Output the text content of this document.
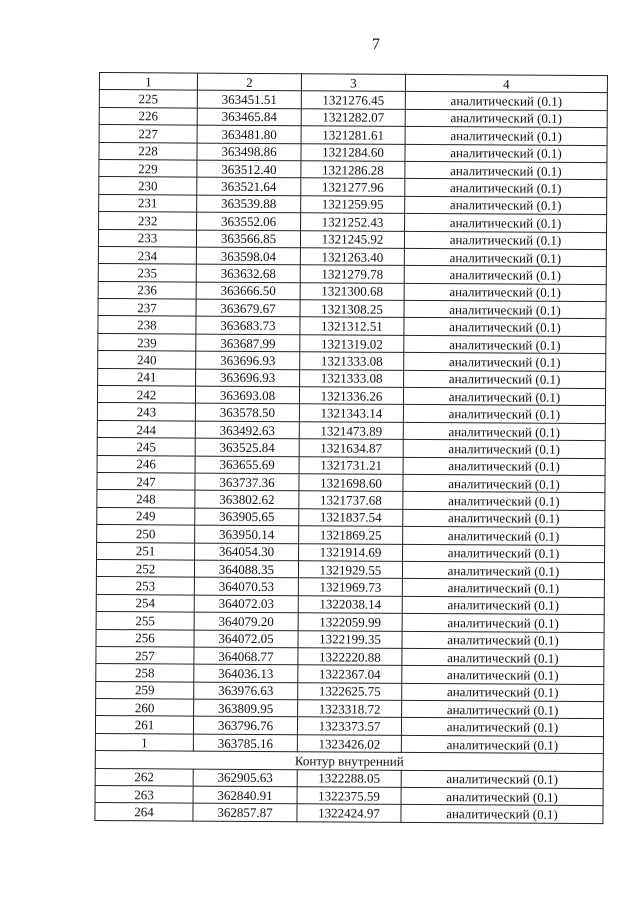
7
1	2	3	4
225	363451.51	1321276.45	аналитический (0.1)
226	363465.84	1321282.07	аналитический (0.1)
227	363481.80	1321281.61	аналитический (0.1)
228	363498.86	1321284.60	аналитический (0.1)
229	363512.40	1321286.28	аналитический (0.1)
230	363521.64	1321277.96	аналитический (0.1)
231	363539.88	1321259.95	аналитический (0.1)
232	363552.06	1321252.43	аналитический (0.1)
233	363566.85	1321245.92	аналитический (0.1)
234	363598.04	1321263.40	аналитический (0.1)
235	363632.68	1321279.78	аналитический (0.1)
236	363666.50	1321300.68	аналитический (0.1)
237	363679.67	1321308.25	аналитический (0.1)
238	363683.73	1321312.51	аналитический (0.1)
239	363687.99	1321319.02	аналитический (0.1)
240	363696.93	1321333.08	аналитический (0.1)
241	363696.93	1321333.08	аналитический (0.1)
242	363693.08	1321336.26	аналитический (0.1)
243	363578.50	1321343.14	аналитический (0.1)
244	363492.63	1321473.89	аналитический (0.1)
245	363525.84	1321634.87	аналитический (0.1)
246	363655.69	1321731.21	аналитический (0.1)
247	363737.36	1321698.60	аналитический (0.1)
248	363802.62	1321737.68	аналитический (0.1)
249	363905.65	1321837.54	аналитический (0.1)
250	363950.14	1321869.25	аналитический (0.1)
251	364054.30	1321914.69	аналитический (0.1)
252	364088.35	1321929.55	аналитический (0.1)
253	364070.53	1321969.73	аналитический (0.1)
254	364072.03	1322038.14	аналитический (0.1)
255	364079.20	1322059.99	аналитический (0.1)
256	364072.05	1322199.35	аналитический (0.1)
257	364068.77	1322220.88	аналитический (0.1)
258	364036.13	1322367.04	аналитический (0.1)
259	363976.63	1322625.75	аналитический (0.1)
260	363809.95	1323318.72	аналитический (0.1)
261	363796.76	1323373.57	аналитический (0.1)
1	363785.16	1323426.02	аналитический (0.1)
Контур внутренний			
262	362905.63	1322288.05	аналитический (0.1)
263	362840.91	1322375.59	аналитический (0.1)
264	362857.87	1322424.97	аналитический (0.1)
